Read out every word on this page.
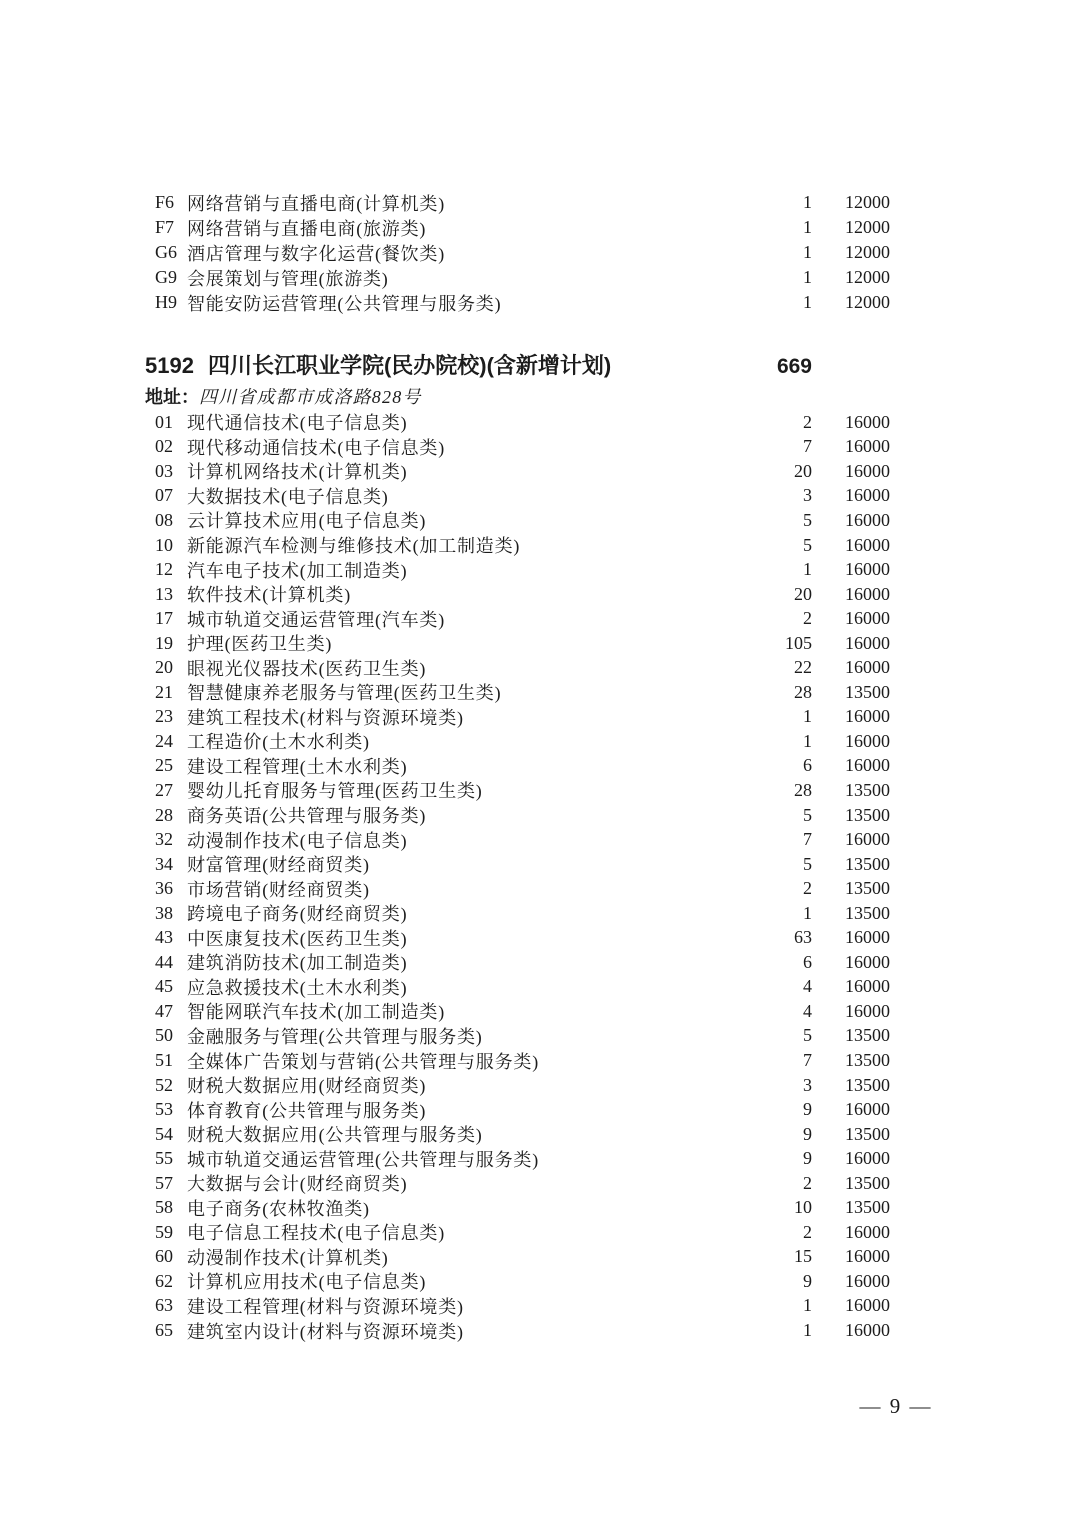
F6 网络营销与直播电商(计算机类)	1	12000
F7 网络营销与直播电商(旅游类)	1	12000
G6 酒店管理与数字化运营(餐饮类)	1	12000
G9 会展策划与管理(旅游类)	1	12000
H9 智能安防运营管理(公共管理与服务类)	1	12000
5192 四川长江职业学院(民办院校)(含新增计划)	669
地址：四川省成都市成洛路828号
01 现代通信技术(电子信息类)	2	16000
02 现代移动通信技术(电子信息类)	7	16000
03 计算机网络技术(计算机类)	20	16000
07 大数据技术(电子信息类)	3	16000
08 云计算技术应用(电子信息类)	5	16000
10 新能源汽车检测与维修技术(加工制造类)	5	16000
12 汽车电子技术(加工制造类)	1	16000
13 软件技术(计算机类)	20	16000
17 城市轨道交通运营管理(汽车类)	2	16000
19 护理(医药卫生类)	105	16000
20 眼视光仪器技术(医药卫生类)	22	16000
21 智慧健康养老服务与管理(医药卫生类)	28	13500
23 建筑工程技术(材料与资源环境类)	1	16000
24 工程造价(土木水利类)	1	16000
25 建设工程管理(土木水利类)	6	16000
27 婴幼儿托育服务与管理(医药卫生类)	28	13500
28 商务英语(公共管理与服务类)	5	13500
32 动漫制作技术(电子信息类)	7	16000
34 财富管理(财经商贸类)	5	13500
36 市场营销(财经商贸类)	2	13500
38 跨境电子商务(财经商贸类)	1	13500
43 中医康复技术(医药卫生类)	63	16000
44 建筑消防技术(加工制造类)	6	16000
45 应急救援技术(土木水利类)	4	16000
47 智能网联汽车技术(加工制造类)	4	16000
50 金融服务与管理(公共管理与服务类)	5	13500
51 全媒体广告策划与营销(公共管理与服务类)	7	13500
52 财税大数据应用(财经商贸类)	3	13500
53 体育教育(公共管理与服务类)	9	16000
54 财税大数据应用(公共管理与服务类)	9	13500
55 城市轨道交通运营管理(公共管理与服务类)	9	16000
57 大数据与会计(财经商贸类)	2	13500
58 电子商务(农林牧渔类)	10	13500
59 电子信息工程技术(电子信息类)	2	16000
60 动漫制作技术(计算机类)	15	16000
62 计算机应用技术(电子信息类)	9	16000
63 建设工程管理(材料与资源环境类)	1	16000
65 建筑室内设计(材料与资源环境类)	1	16000
— 9 —
